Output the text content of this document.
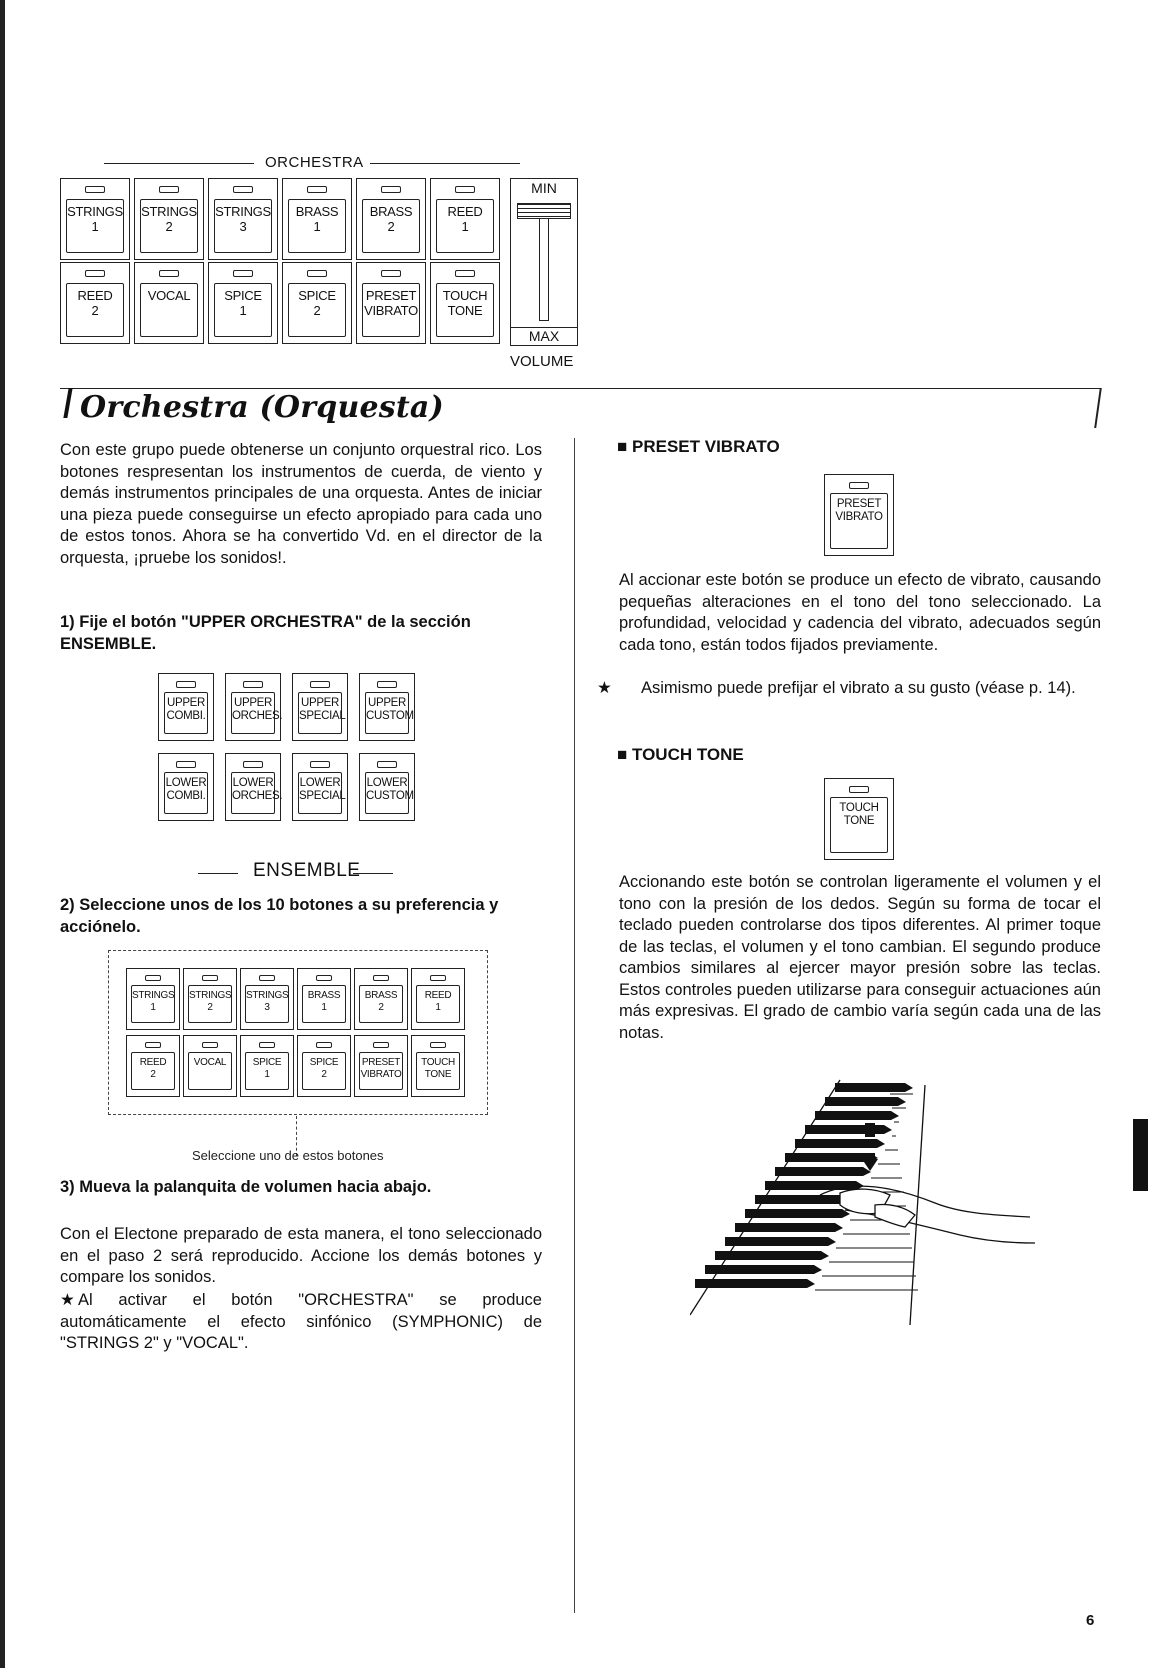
ORCHESTRA
STRINGS
1
STRINGS
2
STRINGS
3
BRASS
1
BRASS
2
REED
1
REED
2
VOCAL	SPICE
1
SPICE
2
PRESET
VIBRATO
TOUCH
TONE
MIN
MAX
VOLUME
Orchestra (Orquesta)
Con este grupo puede obtenerse un conjunto orquestral rico. Los botones respresentan los instrumentos de cuerda, de viento y demás instrumentos principales de una orquesta. Antes de iniciar una pieza puede conseguirse un efecto apropiado para cada uno de estos tonos. Ahora se ha convertido Vd. en el director de la orquesta, ¡pruebe los sonidos!.
1) Fije el botón "UPPER ORCHESTRA" de la sección ENSEMBLE.
UPPER
COMBI.
UPPER
ORCHES.
UPPER
SPECIAL
UPPER
CUSTOM
LOWER
COMBI.
LOWER
ORCHES.
LOWER
SPECIAL
LOWER
CUSTOM
ENSEMBLE
2) Seleccione unos de los 10 botones a su preferencia y acciónelo.
STRINGS
1
STRINGS
2
STRINGS
3
BRASS
1
BRASS
2
REED
1
REED
2
VOCAL	SPICE
1
SPICE
2
PRESET
VIBRATO
TOUCH
TONE
Seleccione uno de estos botones
3) Mueva la palanquita de volumen hacia abajo.
Con el Electone preparado de esta manera, el tono seleccionado en el paso 2 será reproducido. Accione los demás botones y compare los sonidos.
★ Al activar el botón "ORCHESTRA" se produce automáticamente el efecto sinfónico (SYMPHONIC) de "STRINGS 2" y "VOCAL".
■ PRESET VIBRATO
PRESET
VIBRATO
Al accionar este botón se produce un efecto de vibrato, causando pequeñas alteraciones en el tono del tono seleccionado. La profundidad, velocidad y cadencia del vibrato, adecuados según cada tono, están todos fijados previamente.
★ Asimismo puede prefijar el vibrato a su gusto (véase p. 14).
■ TOUCH TONE
TOUCH
TONE
Accionando este botón se controlan ligeramente el volumen y el tono con la presión de los dedos. Según su forma de tocar el teclado pueden controlarse dos tipos diferentes. Al primer toque de las teclas, el volumen y el tono cambian. El segundo produce cambios similares al ejercer mayor presión sobre las teclas. Estos controles pueden utilizarse para conseguir actuaciones aún más expresivas. El grado de cambio varía según cada una de las notas.
6
